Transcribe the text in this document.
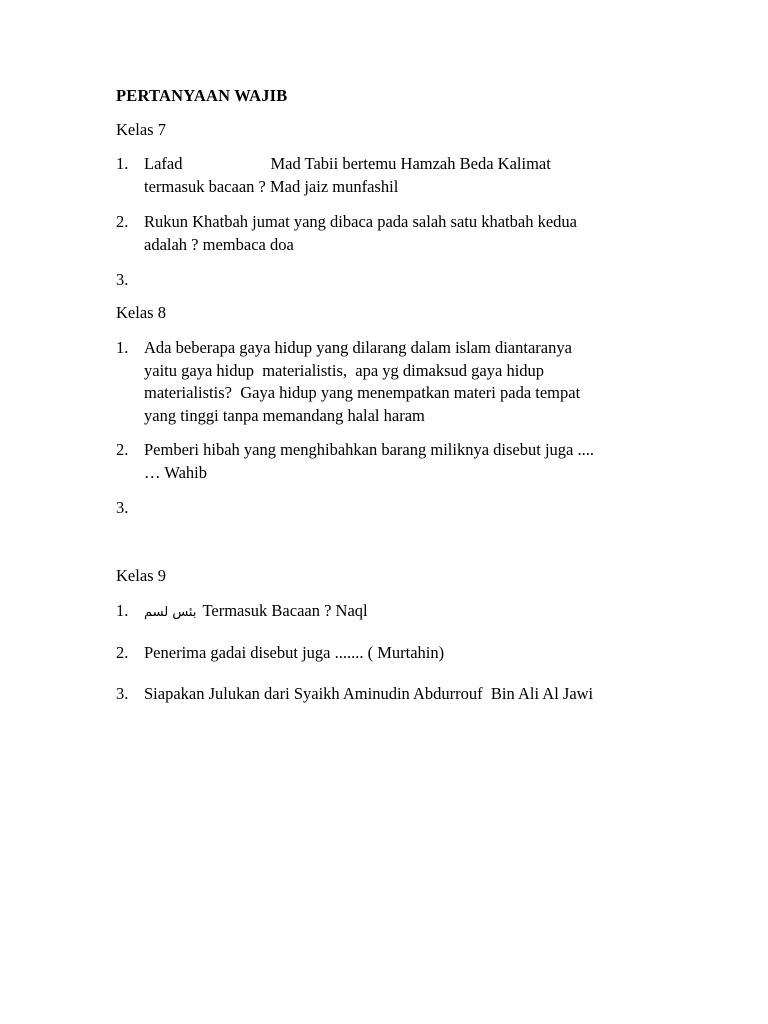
PERTANYAAN WAJIB
Kelas 7
1. Lafad	Mad Tabii bertemu Hamzah Beda Kalimat
termasuk bacaan ? Mad jaiz munfashil
2. Rukun Khatbah jumat yang dibaca pada salah satu khatbah kedua
adalah ? membaca doa
3.
Kelas 8
1. Ada beberapa gaya hidup yang dilarang dalam islam diantaranya
yaitu gaya hidup  materialistis,  apa yg dimaksud gaya hidup
materialistis?  Gaya hidup yang menempatkan materi pada tempat
yang tinggi tanpa memandang halal haram
2. Pemberi hibah yang menghibahkan barang miliknya disebut juga ....
… Wahib
3.
Kelas 9
1. بئس لسم Termasuk Bacaan ? Naql
2. Penerima gadai disebut juga ....... ( Murtahin)
3. Siapakan Julukan dari Syaikh Aminudin Abdurrouf  Bin Ali Al Jawi
